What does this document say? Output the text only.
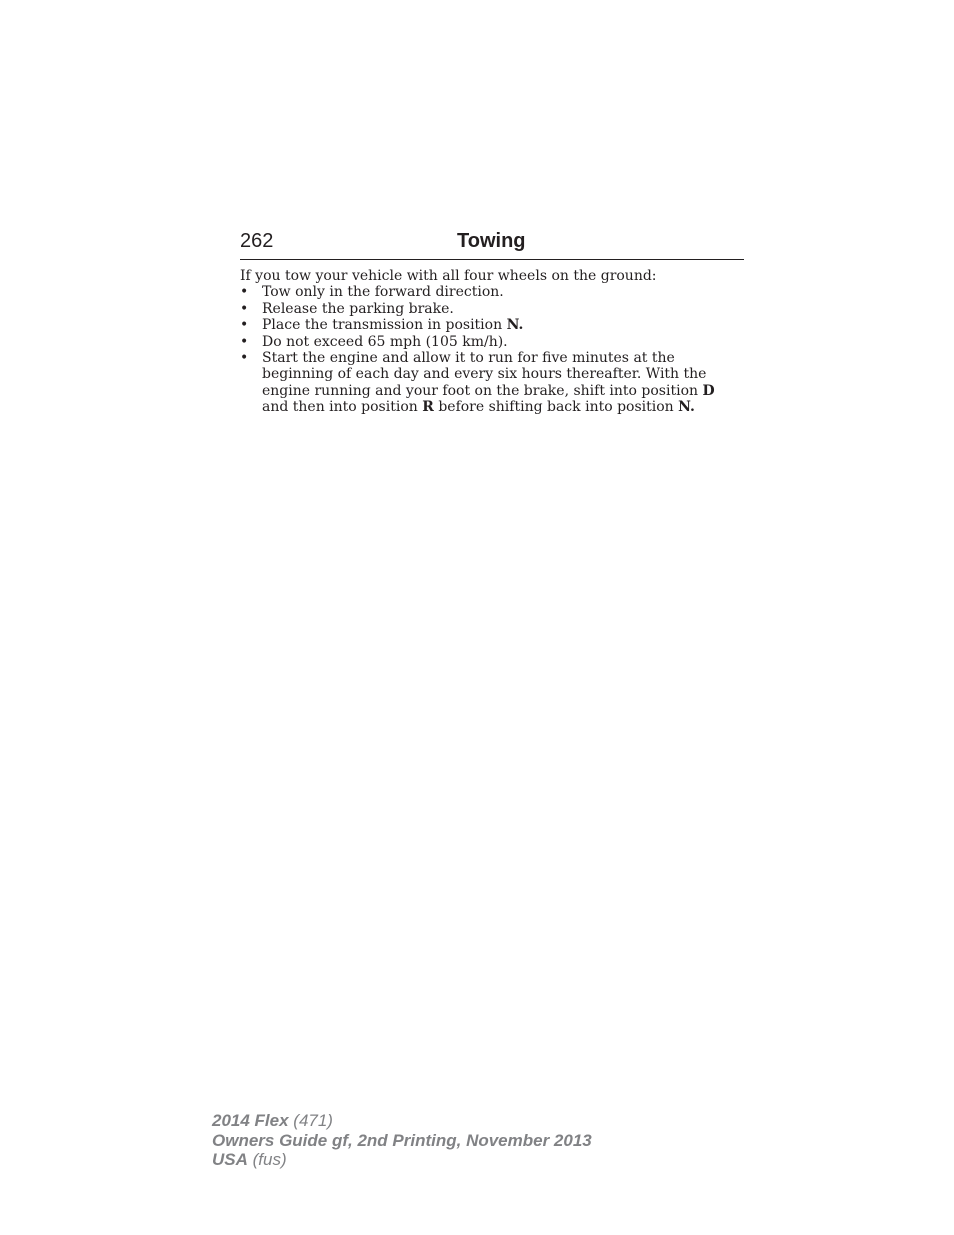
262	Towing

If you tow your vehicle with all four wheels on the ground:

• Tow only in the forward direction.
• Release the parking brake.
• Place the transmission in position N.
• Do not exceed 65 mph (105 km/h).
• Start the engine and allow it to run for five minutes at the beginning of each day and every six hours thereafter. With the engine running and your foot on the brake, shift into position D and then into position R before shifting back into position N.
2014 Flex (471)
Owners Guide gf, 2nd Printing, November 2013
USA (fus)
